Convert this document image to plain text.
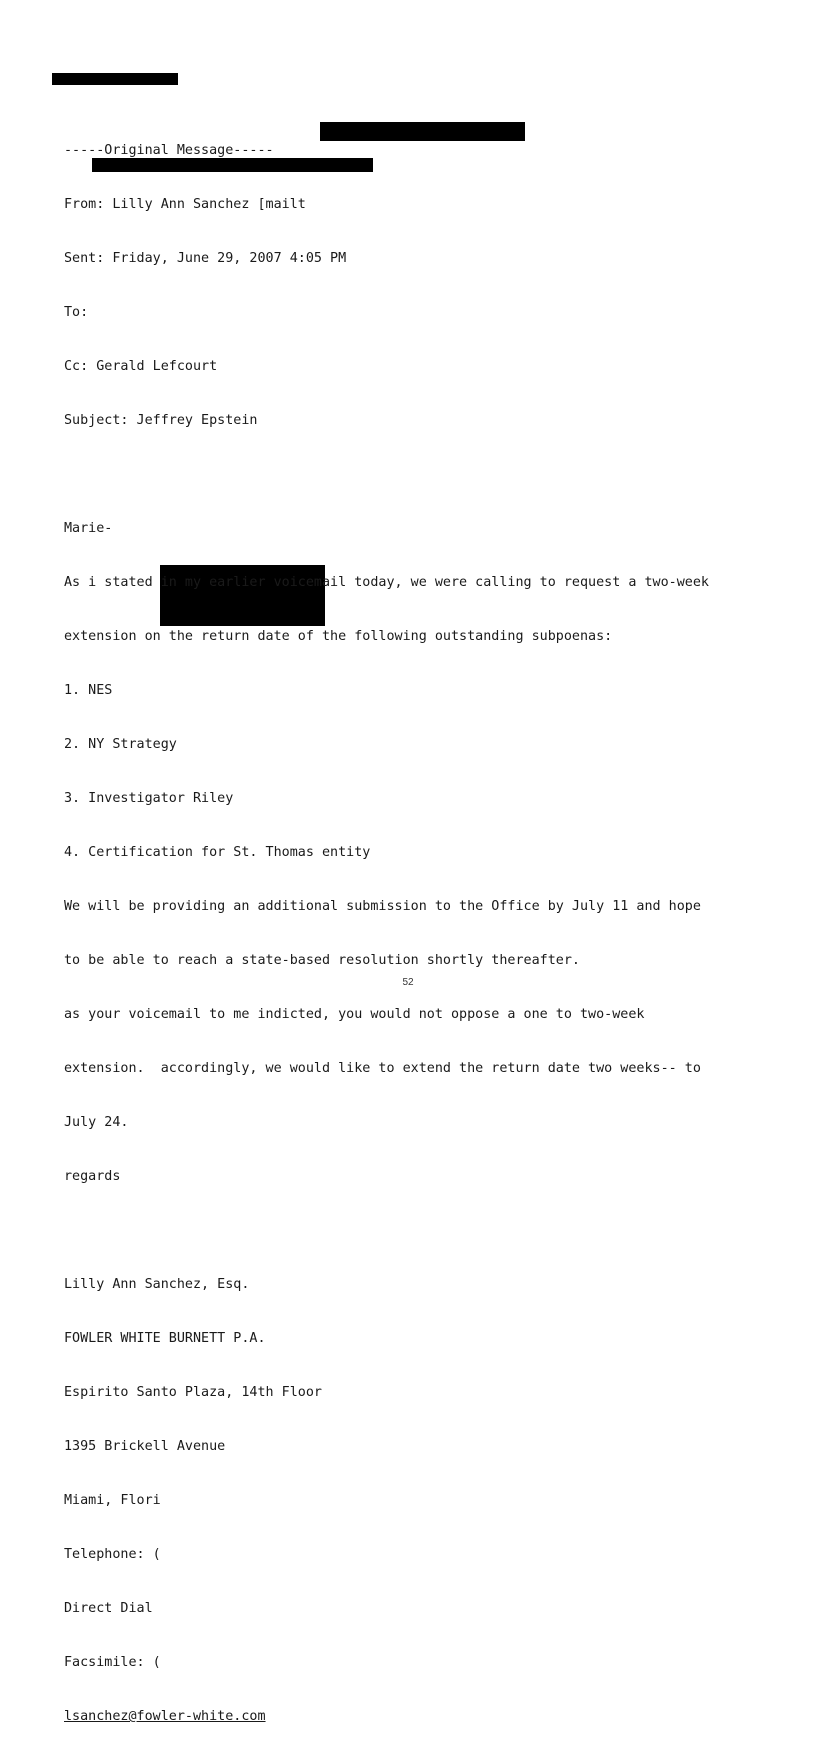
-----Original Message-----

From: Lilly Ann Sanchez [mailt

Sent: Friday, June 29, 2007 4:05 PM

To:

Cc: Gerald Lefcourt

Subject: Jeffrey Epstein

Marie-

As i stated in my earlier voicemail today, we were calling to request a two-week

extension on the return date of the following outstanding subpoenas:

1. NES

2. NY Strategy

3. Investigator Riley

4. Certification for St. Thomas entity

We will be providing an additional submission to the Office by July 11 and hope

to be able to reach a state-based resolution shortly thereafter.

as your voicemail to me indicted, you would not oppose a one to two-week

extension.  accordingly, we would like to extend the return date two weeks-- to

July 24.

regards

Lilly Ann Sanchez, Esq.

FOWLER WHITE BURNETT P.A.

Espirito Santo Plaza, 14th Floor

1395 Brickell Avenue

Miami, Flori

Telephone: (

Direct Dial

Facsimile: (

lsanchez@fowler-white.com

52
